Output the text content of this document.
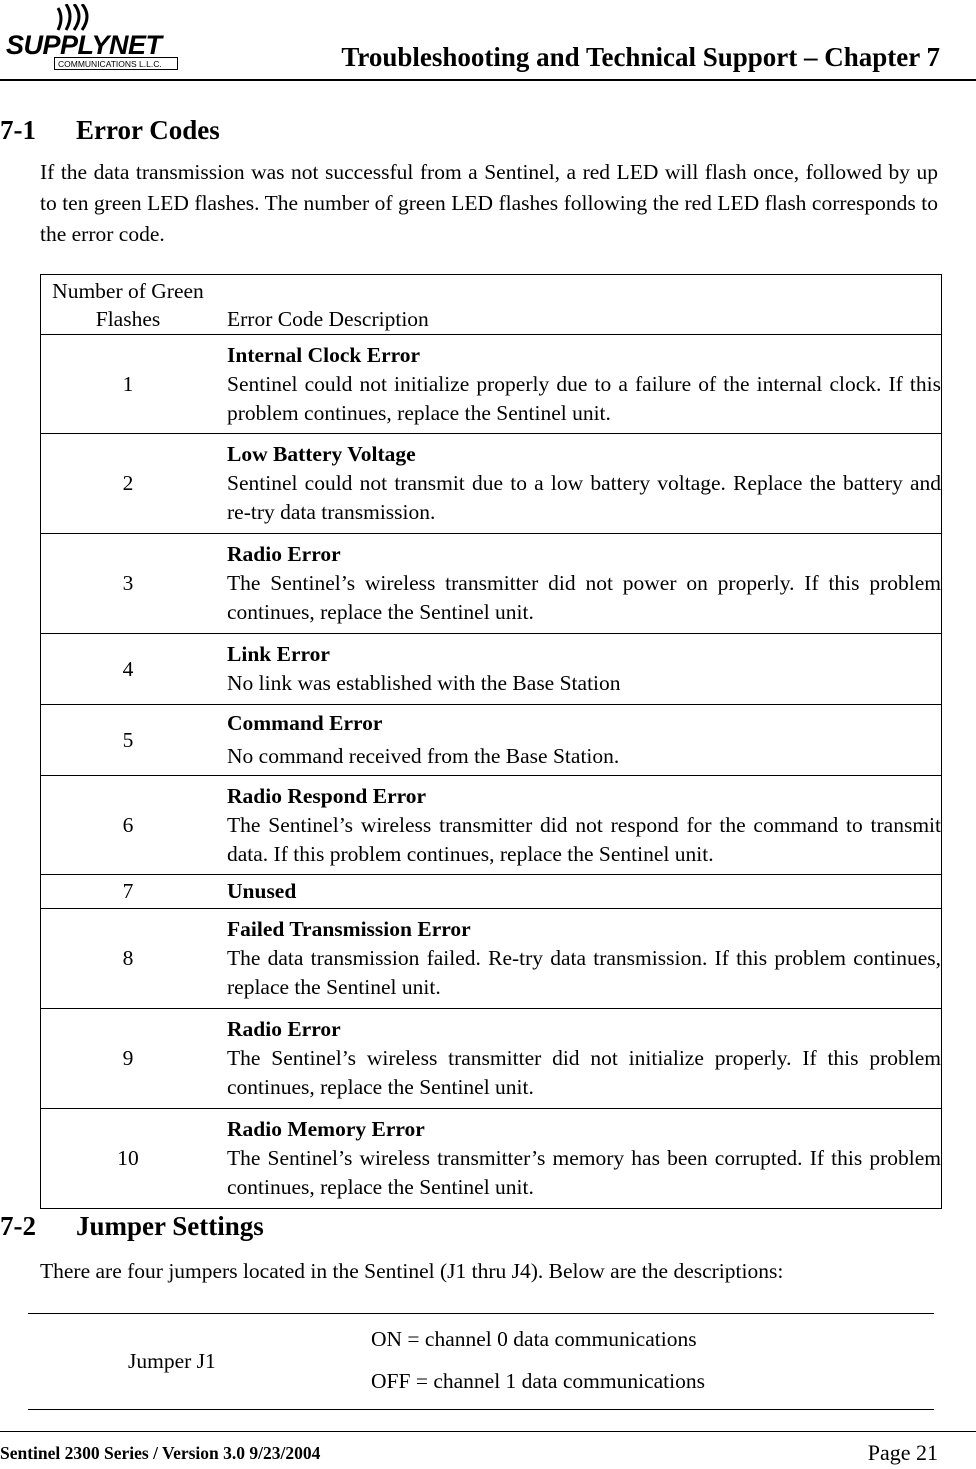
SUPPLYNET
COMMUNICATIONS L.L.C.	Troubleshooting and Technical Support – Chapter 7
7-1 Error Codes
If the data transmission was not successful from a Sentinel, a red LED will flash once, followed by up to ten green LED flashes. The number of green LED flashes following the red LED flash corresponds to the error code.
Number of Green Flashes	Error Code Description
1	Internal Clock Error
Sentinel could not initialize properly due to a failure of the internal clock. If this problem continues, replace the Sentinel unit.

2	Low Battery Voltage
Sentinel could not transmit due to a low battery voltage. Replace the battery and re-try data transmission.

3	Radio Error
The Sentinel’s wireless transmitter did not power on properly. If this problem continues, replace the Sentinel unit.

4	Link Error
No link was established with the Base Station

5	Command Error
No command received from the Base Station.

6	Radio Respond Error
The Sentinel’s wireless transmitter did not respond for the command to transmit data. If this problem continues, replace the Sentinel unit.

7	Unused

8	Failed Transmission Error
The data transmission failed. Re-try data transmission. If this problem continues, replace the Sentinel unit.

9	Radio Error
The Sentinel’s wireless transmitter did not initialize properly. If this problem continues, replace the Sentinel unit.

10	Radio Memory Error
The Sentinel’s wireless transmitter’s memory has been corrupted. If this problem continues, replace the Sentinel unit.
7-2 Jumper Settings
There are four jumpers located in the Sentinel (J1 thru J4). Below are the descriptions:
Jumper J1
ON = channel 0 data communications
OFF = channel 1 data communications
Sentinel 2300 Series / Version 3.0 9/23/2004	Page 21
